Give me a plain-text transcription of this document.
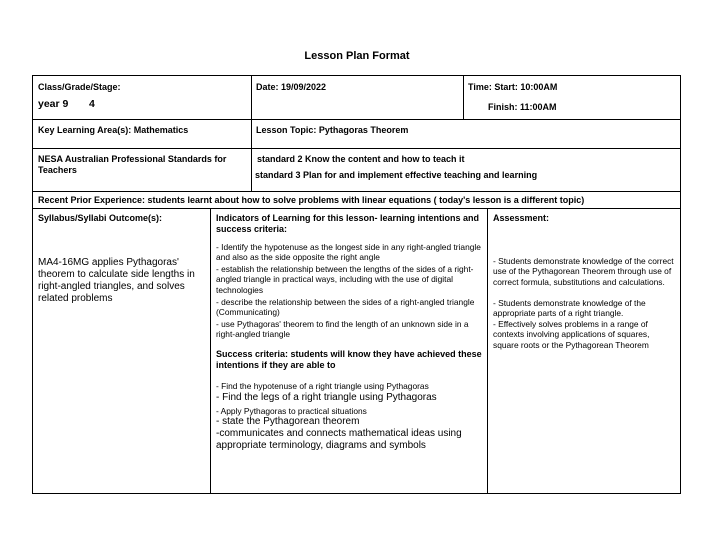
Lesson Plan Format
Class/Grade/Stage:
year 9 4
Date: 19/09/2022	Time: Start: 10:00AM
Finish: 11:00AM
Key Learning Area(s): Mathematics	Lesson Topic: Pythagoras Theorem
NESA Australian Professional Standards for Teachers
standard 2 Know the content and how to teach it
standard 3 Plan for and implement effective teaching and learning
Recent Prior Experience: students learnt about how to solve problems with linear equations ( today's lesson is a different topic)
Syllabus/Syllabi Outcome(s):
MA4-16MG applies Pythagoras' theorem to calculate side lengths in right-angled triangles, and solves related problems
Indicators of Learning for this lesson- learning intentions and success criteria:
- Identify the hypotenuse as the longest side in any right-angled triangle and also as the side opposite the right angle
- establish the relationship between the lengths of the sides of a right-angled triangle in practical ways, including with the use of digital technologies
- describe the relationship between the sides of a right-angled triangle (Communicating)
- use Pythagoras' theorem to find the length of an unknown side in a right-angled triangle
Success criteria: students will know they have achieved these intentions if they are able to
- Find the hypotenuse of a right triangle using Pythagoras
- Find the legs of a right triangle using Pythagoras
- Apply Pythagoras to practical situations
- state the Pythagorean theorem
-communicates and connects mathematical ideas using appropriate terminology, diagrams and symbols
Assessment:
- Students demonstrate knowledge of the correct use of the Pythagorean Theorem through use of correct formula, substitutions and calculations.
- Students demonstrate knowledge of the appropriate parts of a right triangle.
- Effectively solves problems in a range of contexts involving applications of squares, square roots or the Pythagorean Theorem
